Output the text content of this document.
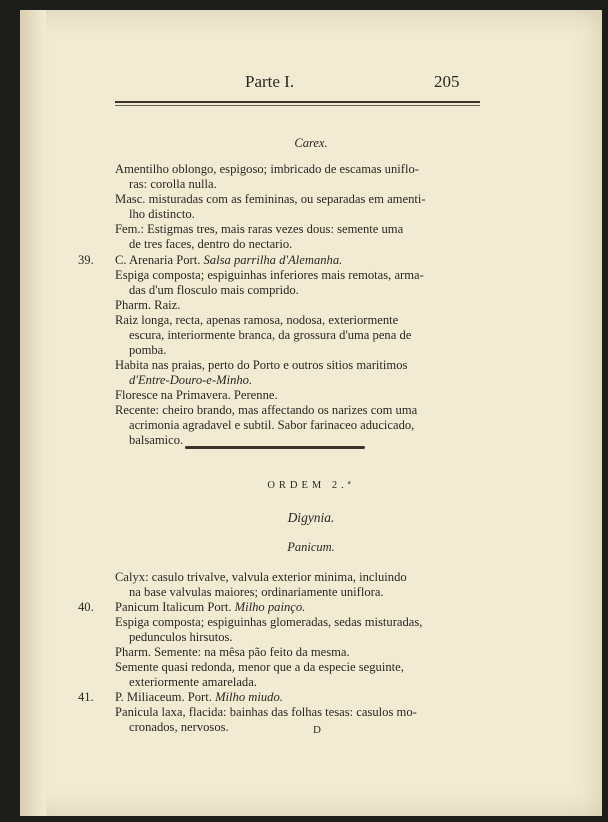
Parte I.	205
Carex.
Amentilho oblongo, espigoso; imbricado de escamas uniflo-
ras: corolla nulla.
Masc. misturadas com as femininas, ou separadas em amenti-
lho distincto.
Fem.: Estigmas tres, mais raras vezes dous: semente uma
de tres faces, dentro do nectario.
39. C. Arenaria Port. Salsa parrilha d'Alemanha.
Espiga composta; espiguinhas inferiores mais remotas, arma-
das d'um flosculo mais comprido.
Pharm. Raiz.
Raiz longa, recta, apenas ramosa, nodosa, exteriormente
escura, interiormente branca, da grossura d'uma pena de
pomba.
Habita nas praias, perto do Porto e outros sitios maritimos
d'Entre-Douro-e-Minho.
Floresce na Primavera. Perenne.
Recente: cheiro brando, mas affectando os narizes com uma
acrimonia agradavel e subtil. Sabor farinaceo aducicado,
balsamico.
ORDEM 2.ª
Digynia.
Panicum.
Calyx: casulo trivalve, valvula exterior minima, incluindo
na base valvulas maiores; ordinariamente uniflora.
40. Panicum Italicum Port. Milho painço.
Espiga composta; espiguinhas glomeradas, sedas misturadas,
pedunculos hirsutos.
Pharm. Semente: na mêsa pão feito da mesma.
Semente quasi redonda, menor que a da especie seguinte,
exteriormente amarelada.
41. P. Miliaceum. Port. Milho miudo.
Panicula laxa, flacida: bainhas das folhas tesas: casulos mo-
cronados, nervosos.	D
